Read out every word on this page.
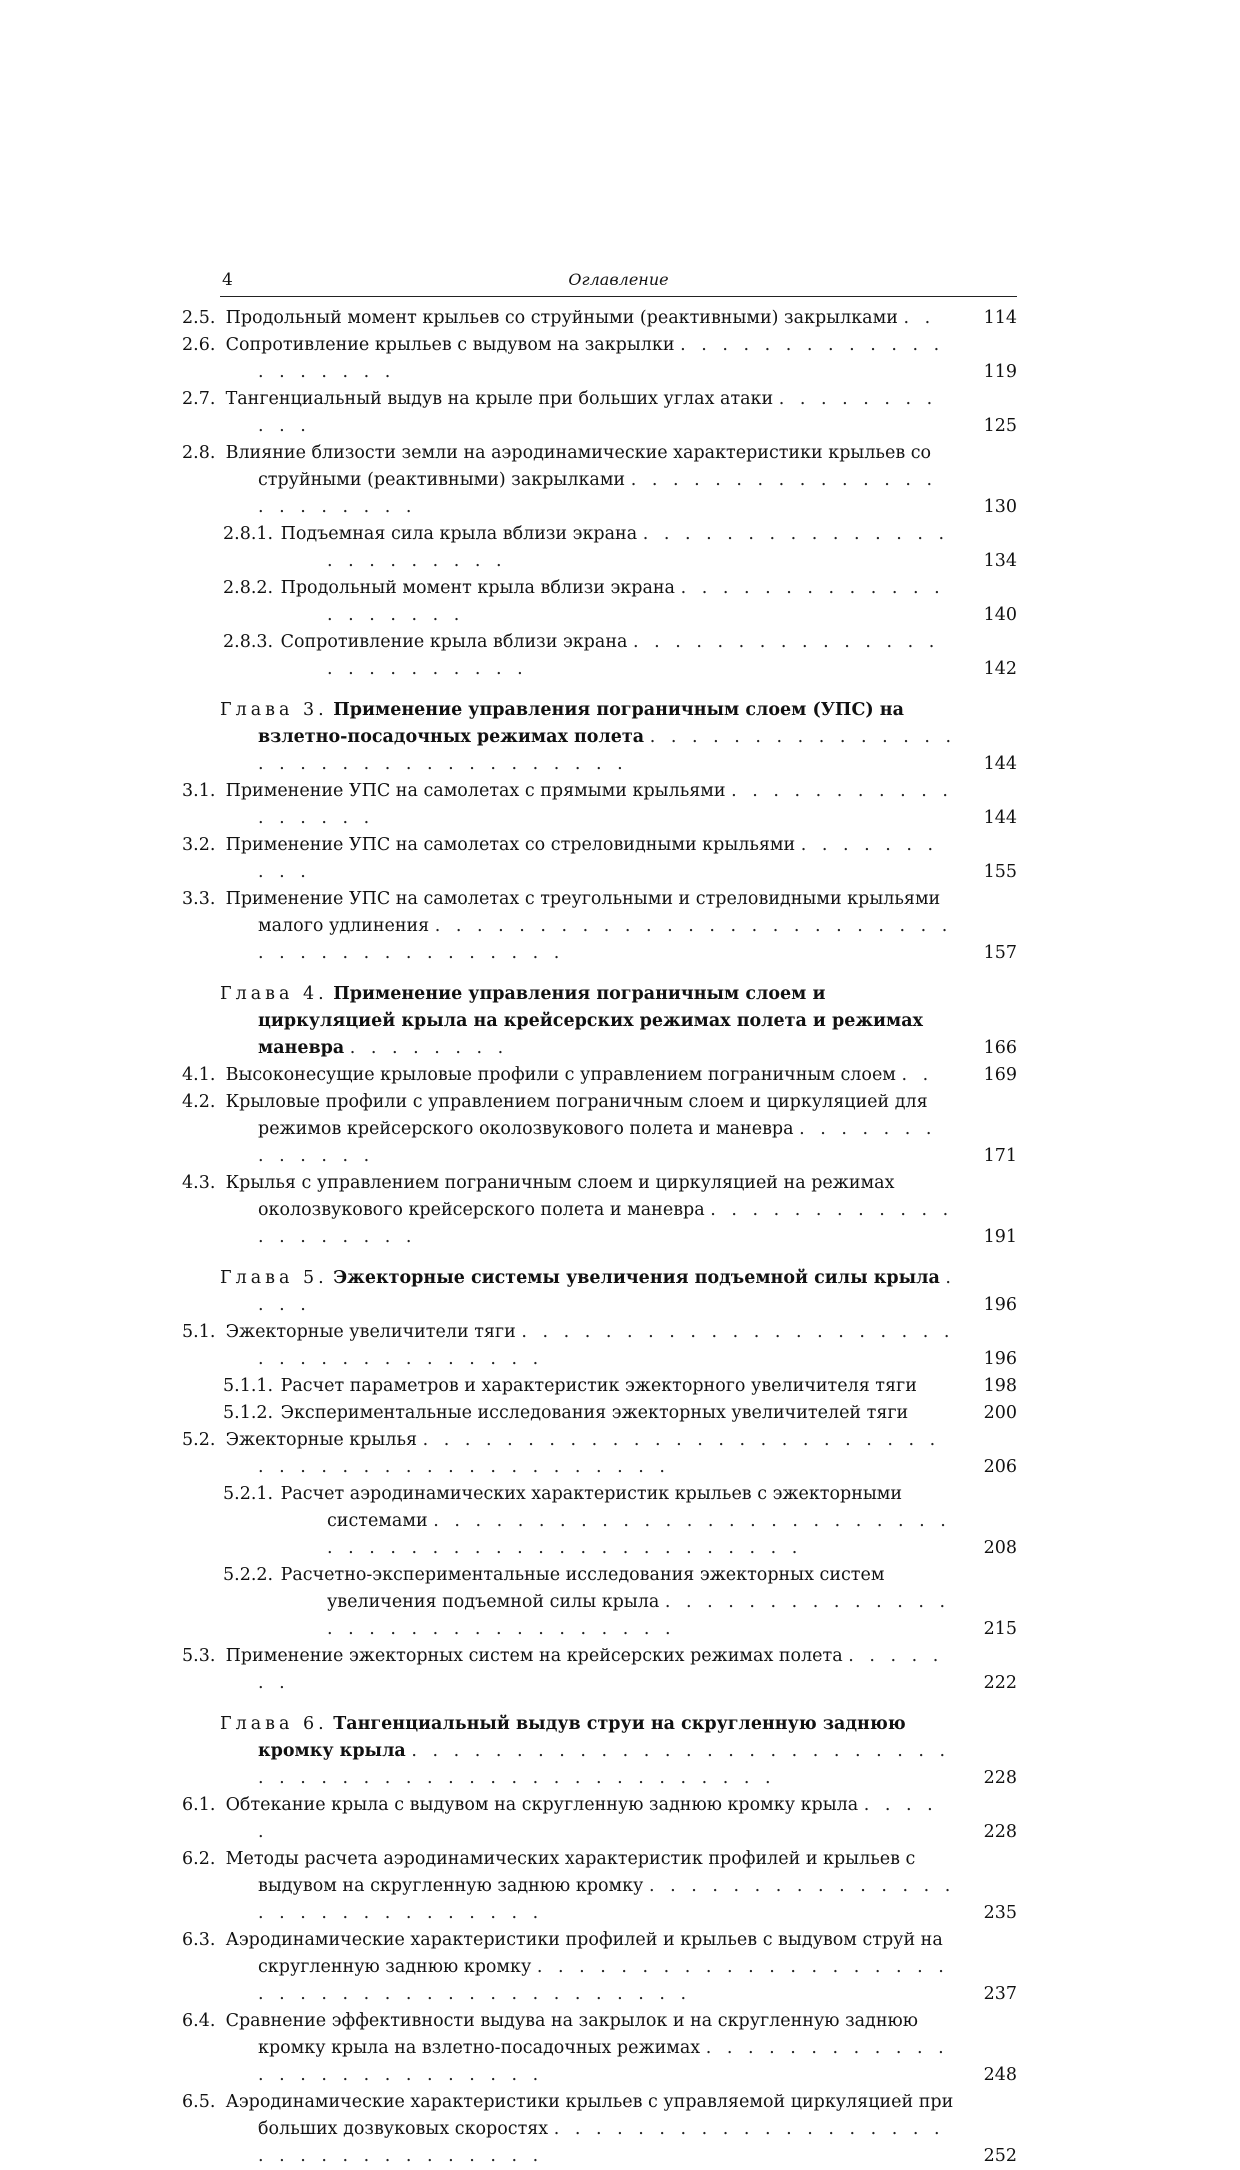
4	Оглавление
2.5. Продольный момент крыльев со струйными (реактивными) закрылками . .	114
2.6. Сопротивление крыльев с выдувом на закрылки . . . . . . . . . . . . . . . . . . . .	119
2.7. Тангенциальный выдув на крыле при больших углах атаки . . . . . . . . . . .	125
2.8. Влияние близости земли на аэродинамические характеристики крыльев со струйными (реактивными) закрылками . . . . . . . . . . . . . . . . . . . . . . .	130
2.8.1. Подъемная сила крыла вблизи экрана . . . . . . . . . . . . . . . . . . . . . . . .	134
2.8.2. Продольный момент крыла вблизи экрана . . . . . . . . . . . . . . . . . . . .	140
2.8.3. Сопротивление крыла вблизи экрана . . . . . . . . . . . . . . . . . . . . . . . . .	142
Глава 3. Применение управления пограничным слоем (УПС) на взлетно-посадочных режимах полета . . . . . . . . . . . . . . . . . . . . . . . . . . . . . . . . .	144
3.1. Применение УПС на самолетах с прямыми крыльями . . . . . . . . . . . . . . . . .	144
3.2. Применение УПС на самолетах со стреловидными крыльями . . . . . . . . . .	155
3.3. Применение УПС на самолетах с треугольными и стреловидными крыльями малого удлинения . . . . . . . . . . . . . . . . . . . . . . . . . . . . . . . . . . . . . . . .	157
Глава 4. Применение управления пограничным слоем и циркуляцией крыла на крейсерских режимах полета и режимах маневра . . . . . . . .	166
4.1. Высоконесущие крыловые профили с управлением пограничным слоем . .	169
4.2. Крыловые профили с управлением пограничным слоем и циркуляцией для режимов крейсерского околозвукового полета и маневра . . . . . . . . . . . . .	171
4.3. Крылья с управлением пограничным слоем и циркуляцией на режимах околозвукового крейсерского полета и маневра . . . . . . . . . . . . . . . . . . . .	191
Глава 5. Эжекторные системы увеличения подъемной силы крыла . . . .	196
5.1. Эжекторные увеличители тяги . . . . . . . . . . . . . . . . . . . . . . . . . . . . . . . . . . .	196
5.1.1. Расчет параметров и характеристик эжекторного увеличителя тяги	198
5.1.2. Экспериментальные исследования эжекторных увеличителей тяги	200
5.2. Эжекторные крылья . . . . . . . . . . . . . . . . . . . . . . . . . . . . . . . . . . . . . . . . . . . . .	206
5.2.1. Расчет аэродинамических характеристик крыльев с эжекторными системами . . . . . . . . . . . . . . . . . . . . . . . . . . . . . . . . . . . . . . . . . . . . . . . .	208
5.2.2. Расчетно-экспериментальные исследования эжекторных систем увеличения подъемной силы крыла . . . . . . . . . . . . . . . . . . . . . . . . . . . . . . .	215
5.3. Применение эжекторных систем на крейсерских режимах полета . . . . . . .	222
Глава 6. Тангенциальный выдув струи на скругленную заднюю кромку крыла . . . . . . . . . . . . . . . . . . . . . . . . . . . . . . . . . . . . . . . . . . . . . . . . . . .	228
6.1. Обтекание крыла с выдувом на скругленную заднюю кромку крыла . . . . .	228
6.2. Методы расчета аэродинамических характеристик профилей и крыльев с выдувом на скругленную заднюю кромку . . . . . . . . . . . . . . . . . . . . . . . . . . . . .	235
6.3. Аэродинамические характеристики профилей и крыльев с выдувом струй на скругленную заднюю кромку . . . . . . . . . . . . . . . . . . . . . . . . . . . . . . . . . . . . . . . . .	237
6.4. Сравнение эффективности выдува на закрылок и на скругленную заднюю кромку крыла на взлетно-посадочных режимах . . . . . . . . . . . . . . . . . . . . . . . . . .	248
6.5. Аэродинамические характеристики крыльев с управляемой циркуляцией при больших дозвуковых скоростях . . . . . . . . . . . . . . . . . . . . . . . . . . . . . . . . .	252
